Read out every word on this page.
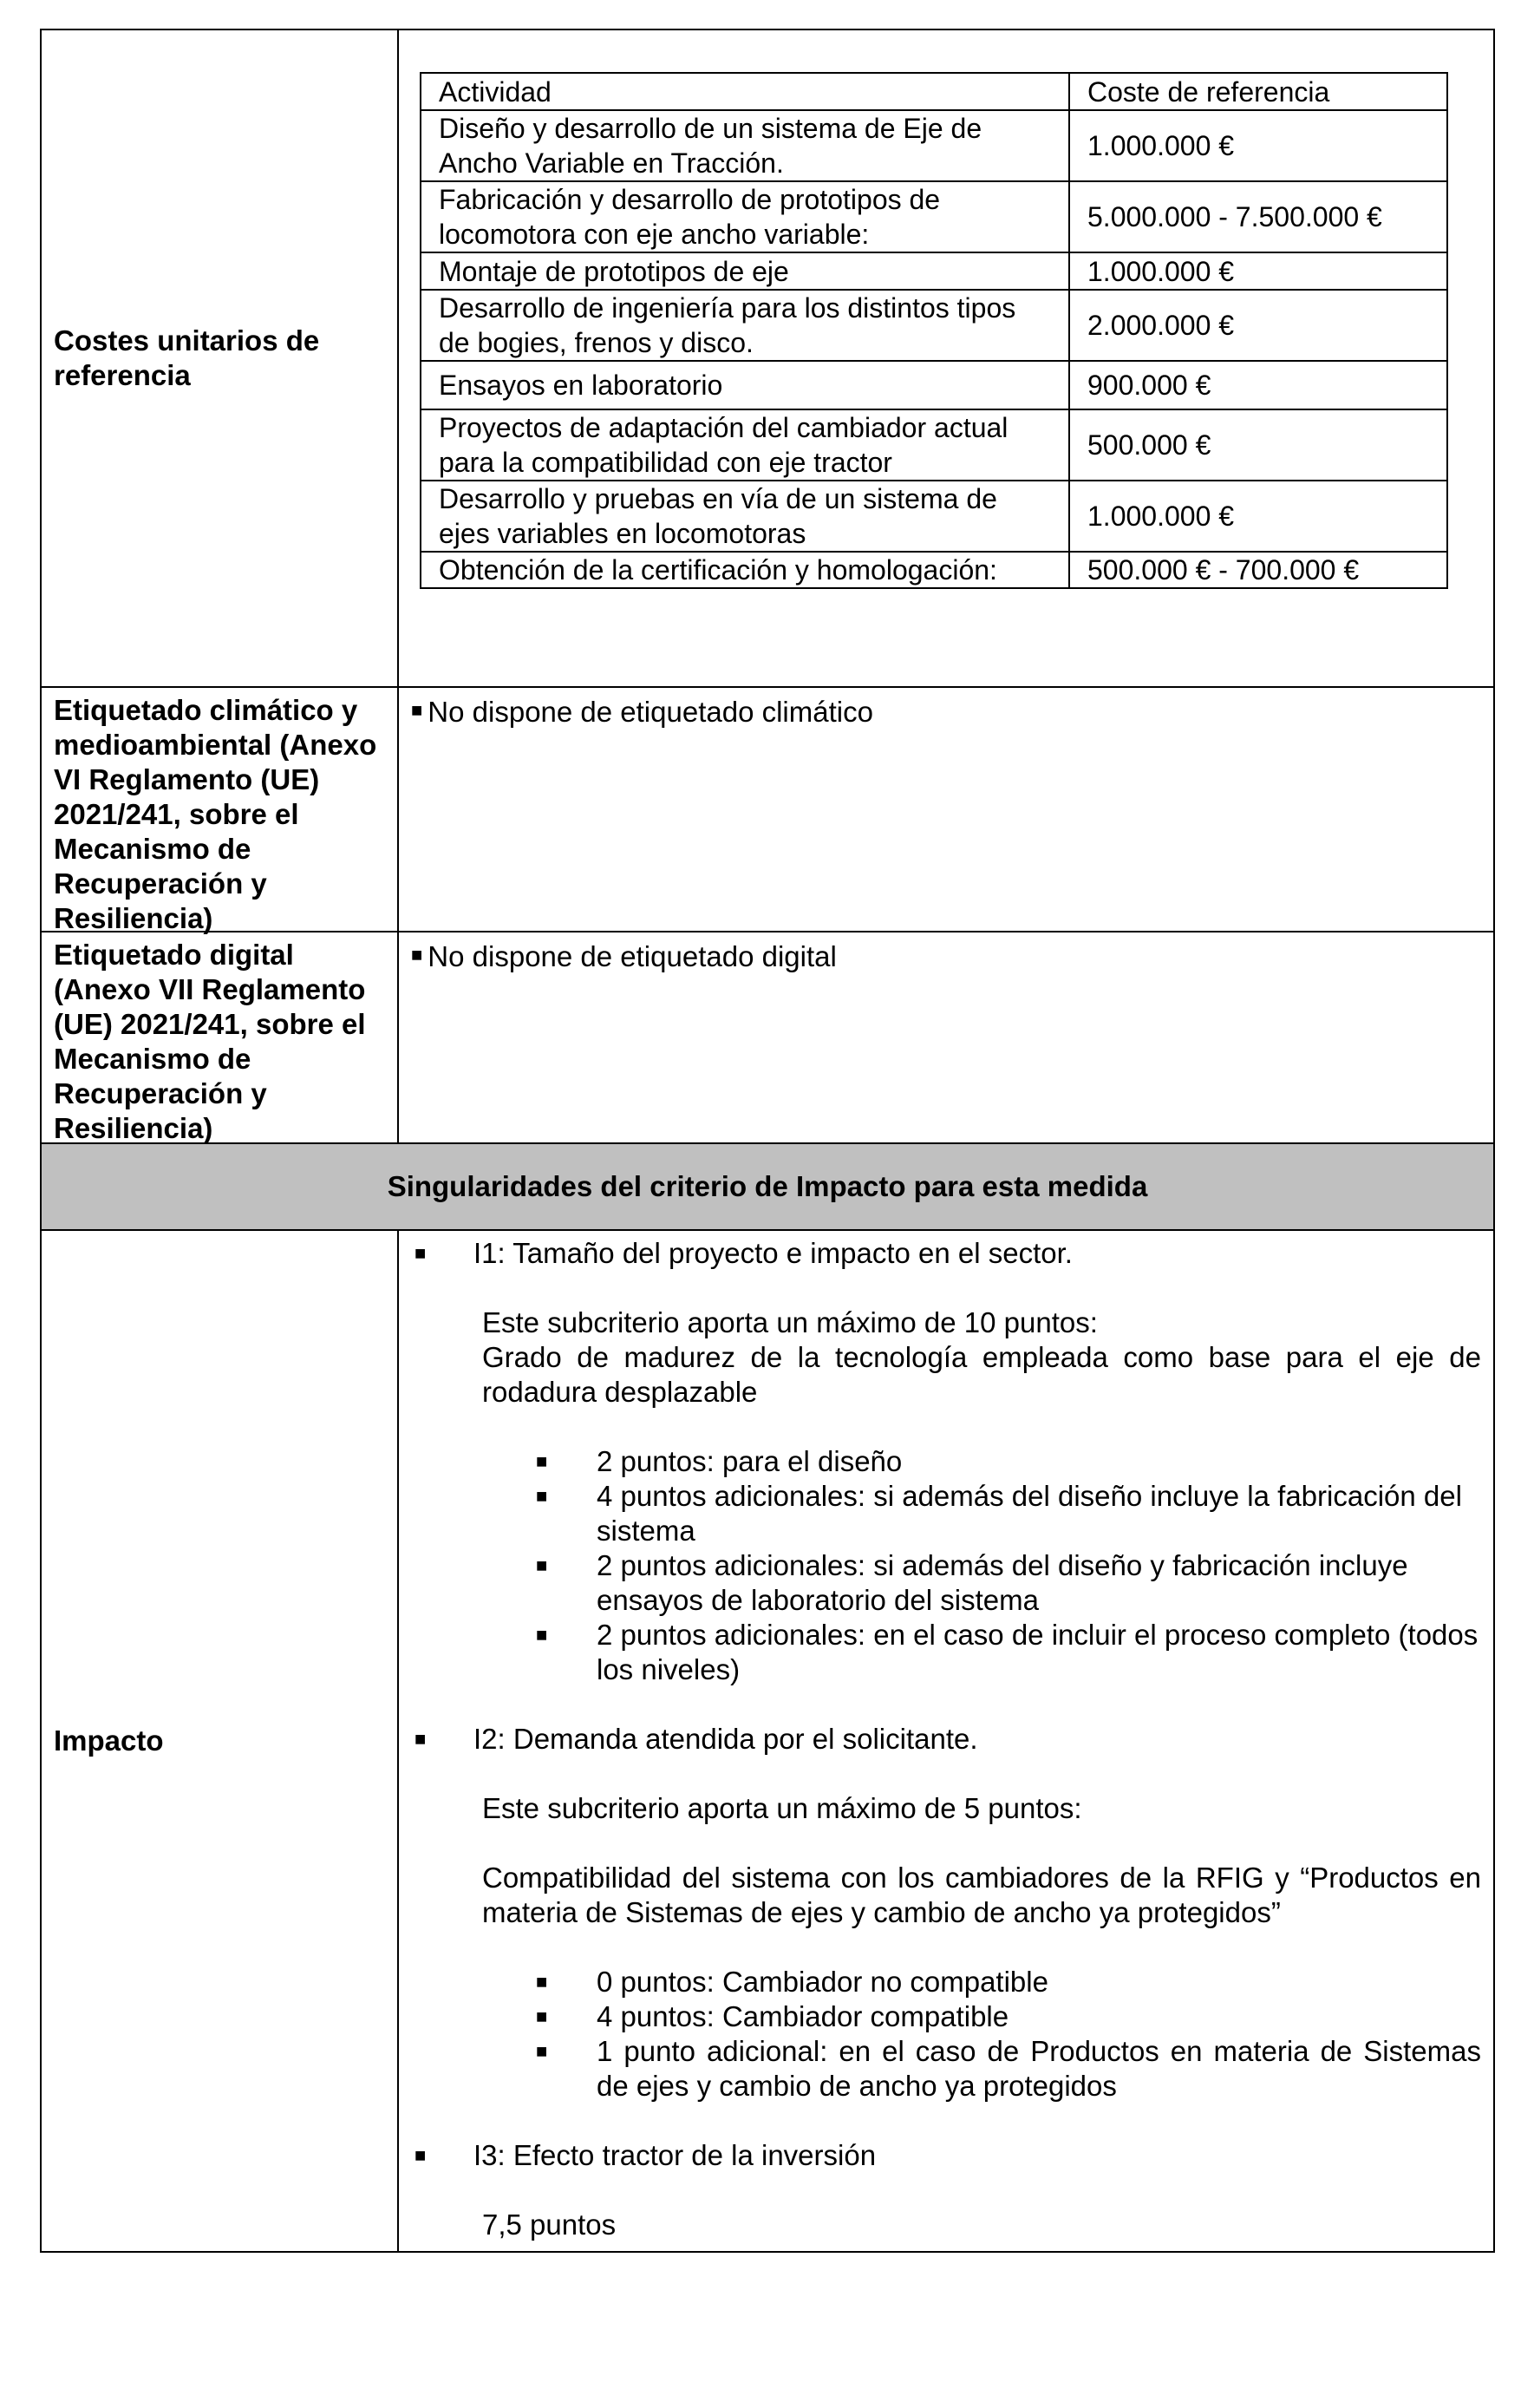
Costes unitarios de referencia
Actividad	Coste de referencia
Diseño y desarrollo de un sistema de Eje de Ancho Variable en Tracción.	1.000.000 €
Fabricación y desarrollo de prototipos de locomotora con eje ancho variable:	5.000.000 - 7.500.000 €
Montaje de prototipos de eje	1.000.000 €
Desarrollo de ingeniería para los distintos tipos de bogies, frenos y disco.	2.000.000 €
Ensayos en laboratorio	900.000 €
Proyectos de adaptación del cambiador actual para la compatibilidad con eje tractor	500.000 €
Desarrollo y pruebas en vía de un sistema de ejes variables en locomotoras	1.000.000 €
Obtención de la certificación y homologación:	500.000 € - 700.000 €
Etiquetado climático y medioambiental (Anexo VI Reglamento (UE) 2021/241, sobre el Mecanismo de Recuperación y Resiliencia)
■ No dispone de etiquetado climático
Etiquetado digital (Anexo VII Reglamento (UE) 2021/241, sobre el Mecanismo de Recuperación y Resiliencia)
■ No dispone de etiquetado digital
Singularidades del criterio de Impacto para esta medida
Impacto
■	I1: Tamaño del proyecto e impacto en el sector.
Este subcriterio aporta un máximo de 10 puntos:
Grado de madurez de la tecnología empleada como base para el eje de rodadura desplazable
■	2 puntos: para el diseño
■	4 puntos adicionales: si además del diseño incluye la fabricación del sistema
■	2 puntos adicionales: si además del diseño y fabricación incluye ensayos de laboratorio del sistema
■	2 puntos adicionales: en el caso de incluir el proceso completo (todos los niveles)
■	I2: Demanda atendida por el solicitante.
Este subcriterio aporta un máximo de 5 puntos:
Compatibilidad del sistema con los cambiadores de la RFIG y “Productos en materia de Sistemas de ejes y cambio de ancho ya protegidos”
■	0 puntos: Cambiador no compatible
■	4 puntos: Cambiador compatible
■	1 punto adicional: en el caso de Productos en materia de Sistemas de ejes y cambio de ancho ya protegidos
■	I3: Efecto tractor de la inversión
7,5 puntos
